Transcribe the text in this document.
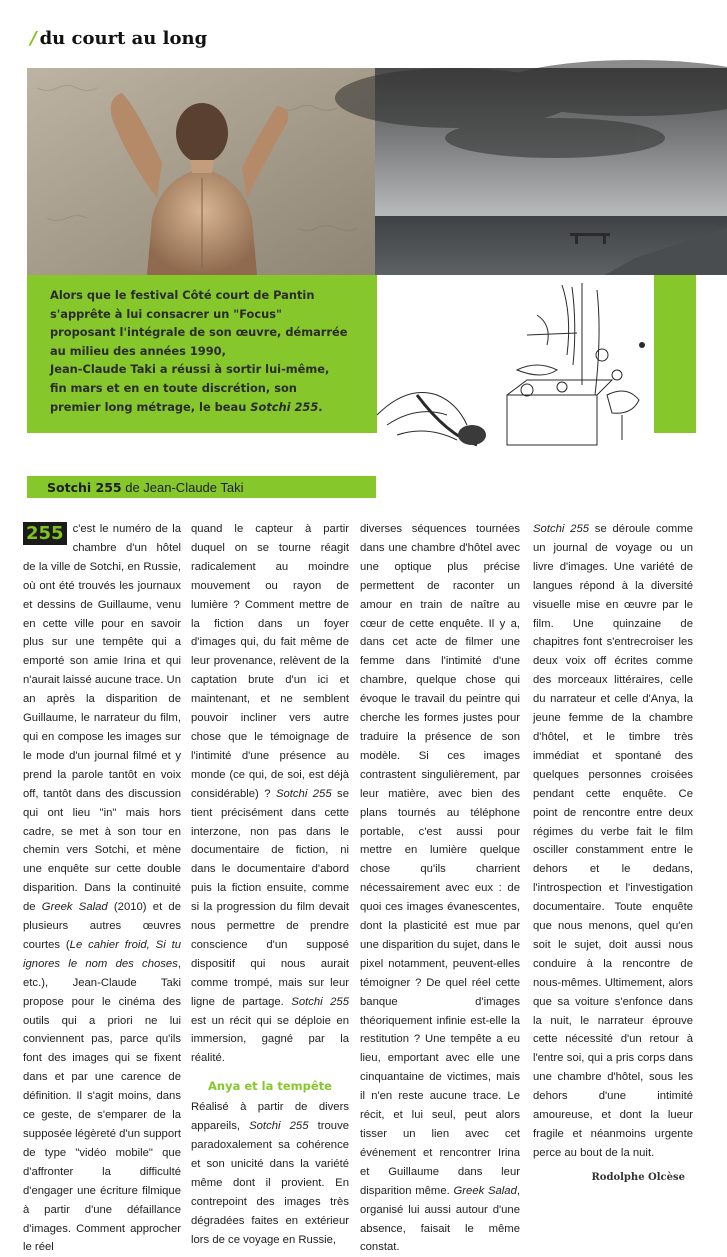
/ du court au long
Alors que le festival Côté court de Pantin
s'apprête à lui consacrer un "Focus"
proposant l'intégrale de son œuvre, démarrée
au milieu des années 1990,
Jean-Claude Taki a réussi à sortir lui-même,
fin mars et en en toute discrétion, son
premier long métrage, le beau Sotchi 255.
Sotchi 255 de Jean-Claude Taki

255 c'est le numéro de la chambre d'un hôtel de la ville de Sotchi, en Russie, où ont été trouvés les journaux et dessins de Guillaume, venu en cette ville pour en savoir plus sur une tempête qui a emporté son amie Irina et qui n'aurait laissé aucune trace. Un an après la disparition de Guillaume, le narrateur du film, qui en compose les images sur le mode d'un journal filmé et y prend la parole tantôt en voix off, tantôt dans des discussion qui ont lieu "in" mais hors cadre, se met à son tour en chemin vers Sotchi, et mène une enquête sur cette double disparition. Dans la continuité de Greek Salad (2010) et de plusieurs autres œuvres courtes (Le cahier froid, Si tu ignores le nom des choses, etc.), Jean-Claude Taki propose pour le cinéma des outils qui a priori ne lui conviennent pas, parce qu'ils font des images qui se fixent dans et par une carence de définition. Il s'agit moins, dans ce geste, de s'emparer de la supposée légèreté d'un support de type "vidéo mobile" que d'affronter la difficulté d'engager une écriture filmique à partir d'une défaillance d'images. Comment approcher le réel

quand le capteur à partir duquel on se tourne réagit radicalement au moindre mouvement ou rayon de lumière ? Comment mettre de la fiction dans un foyer d'images qui, du fait même de leur provenance, relèvent de la captation brute d'un ici et maintenant, et ne semblent pouvoir incliner vers autre chose que le témoignage de l'intimité d'une présence au monde (ce qui, de soi, est déjà considérable) ? Sotchi 255 se tient précisément dans cette interzone, non pas dans le documentaire de fiction, ni dans le documentaire d'abord puis la fiction ensuite, comme si la progression du film devait nous permettre de prendre conscience d'un supposé dispositif qui nous aurait comme trompé, mais sur leur ligne de partage. Sotchi 255 est un récit qui se déploie en immersion, gagné par la réalité.

Anya et la tempête

Réalisé à partir de divers appareils, Sotchi 255 trouve paradoxalement sa cohérence et son unicité dans la variété même dont il provient. En contrepoint des images très dégradées faites en extérieur lors de ce voyage en Russie,

diverses séquences tournées dans une chambre d'hôtel avec une optique plus précise permettent de raconter un amour en train de naître au cœur de cette enquête. Il y a, dans cet acte de filmer une femme dans l'intimité d'une chambre, quelque chose qui évoque le travail du peintre qui cherche les formes justes pour traduire la présence de son modèle. Si ces images contrastent singulièrement, par leur matière, avec bien des plans tournés au téléphone portable, c'est aussi pour mettre en lumière quelque chose qu'ils charrient nécessairement avec eux : de quoi ces images évanescentes, dont la plasticité est mue par une disparition du sujet, dans le pixel notamment, peuvent-elles témoigner ? De quel réel cette banque d'images théoriquement infinie est-elle la restitution ? Une tempête a eu lieu, emportant avec elle une cinquantaine de victimes, mais il n'en reste aucune trace. Le récit, et lui seul, peut alors tisser un lien avec cet événement et rencontrer Irina et Guillaume dans leur disparition même. Greek Salad, organisé lui aussi autour d'une absence, faisait le même constat.

Sotchi 255 se déroule comme un journal de voyage ou un livre d'images. Une variété de langues répond à la diversité visuelle mise en œuvre par le film. Une quinzaine de chapitres font s'entrecroiser les deux voix off écrites comme des morceaux littéraires, celle du narrateur et celle d'Anya, la jeune femme de la chambre d'hôtel, et le timbre très immédiat et spontané des quelques personnes croisées pendant cette enquête. Ce point de rencontre entre deux régimes du verbe fait le film osciller constamment entre le dehors et le dedans, l'introspection et l'investigation documentaire. Toute enquête que nous menons, quel qu'en soit le sujet, doit aussi nous conduire à la rencontre de nous-mêmes. Ultimement, alors que sa voiture s'enfonce dans la nuit, le narrateur éprouve cette nécessité d'un retour à l'entre soi, qui a pris corps dans une chambre d'hôtel, sous les dehors d'une intimité amoureuse, et dont la lueur fragile et néanmoins urgente perce au bout de la nuit.

Rodolphe Olcèse
